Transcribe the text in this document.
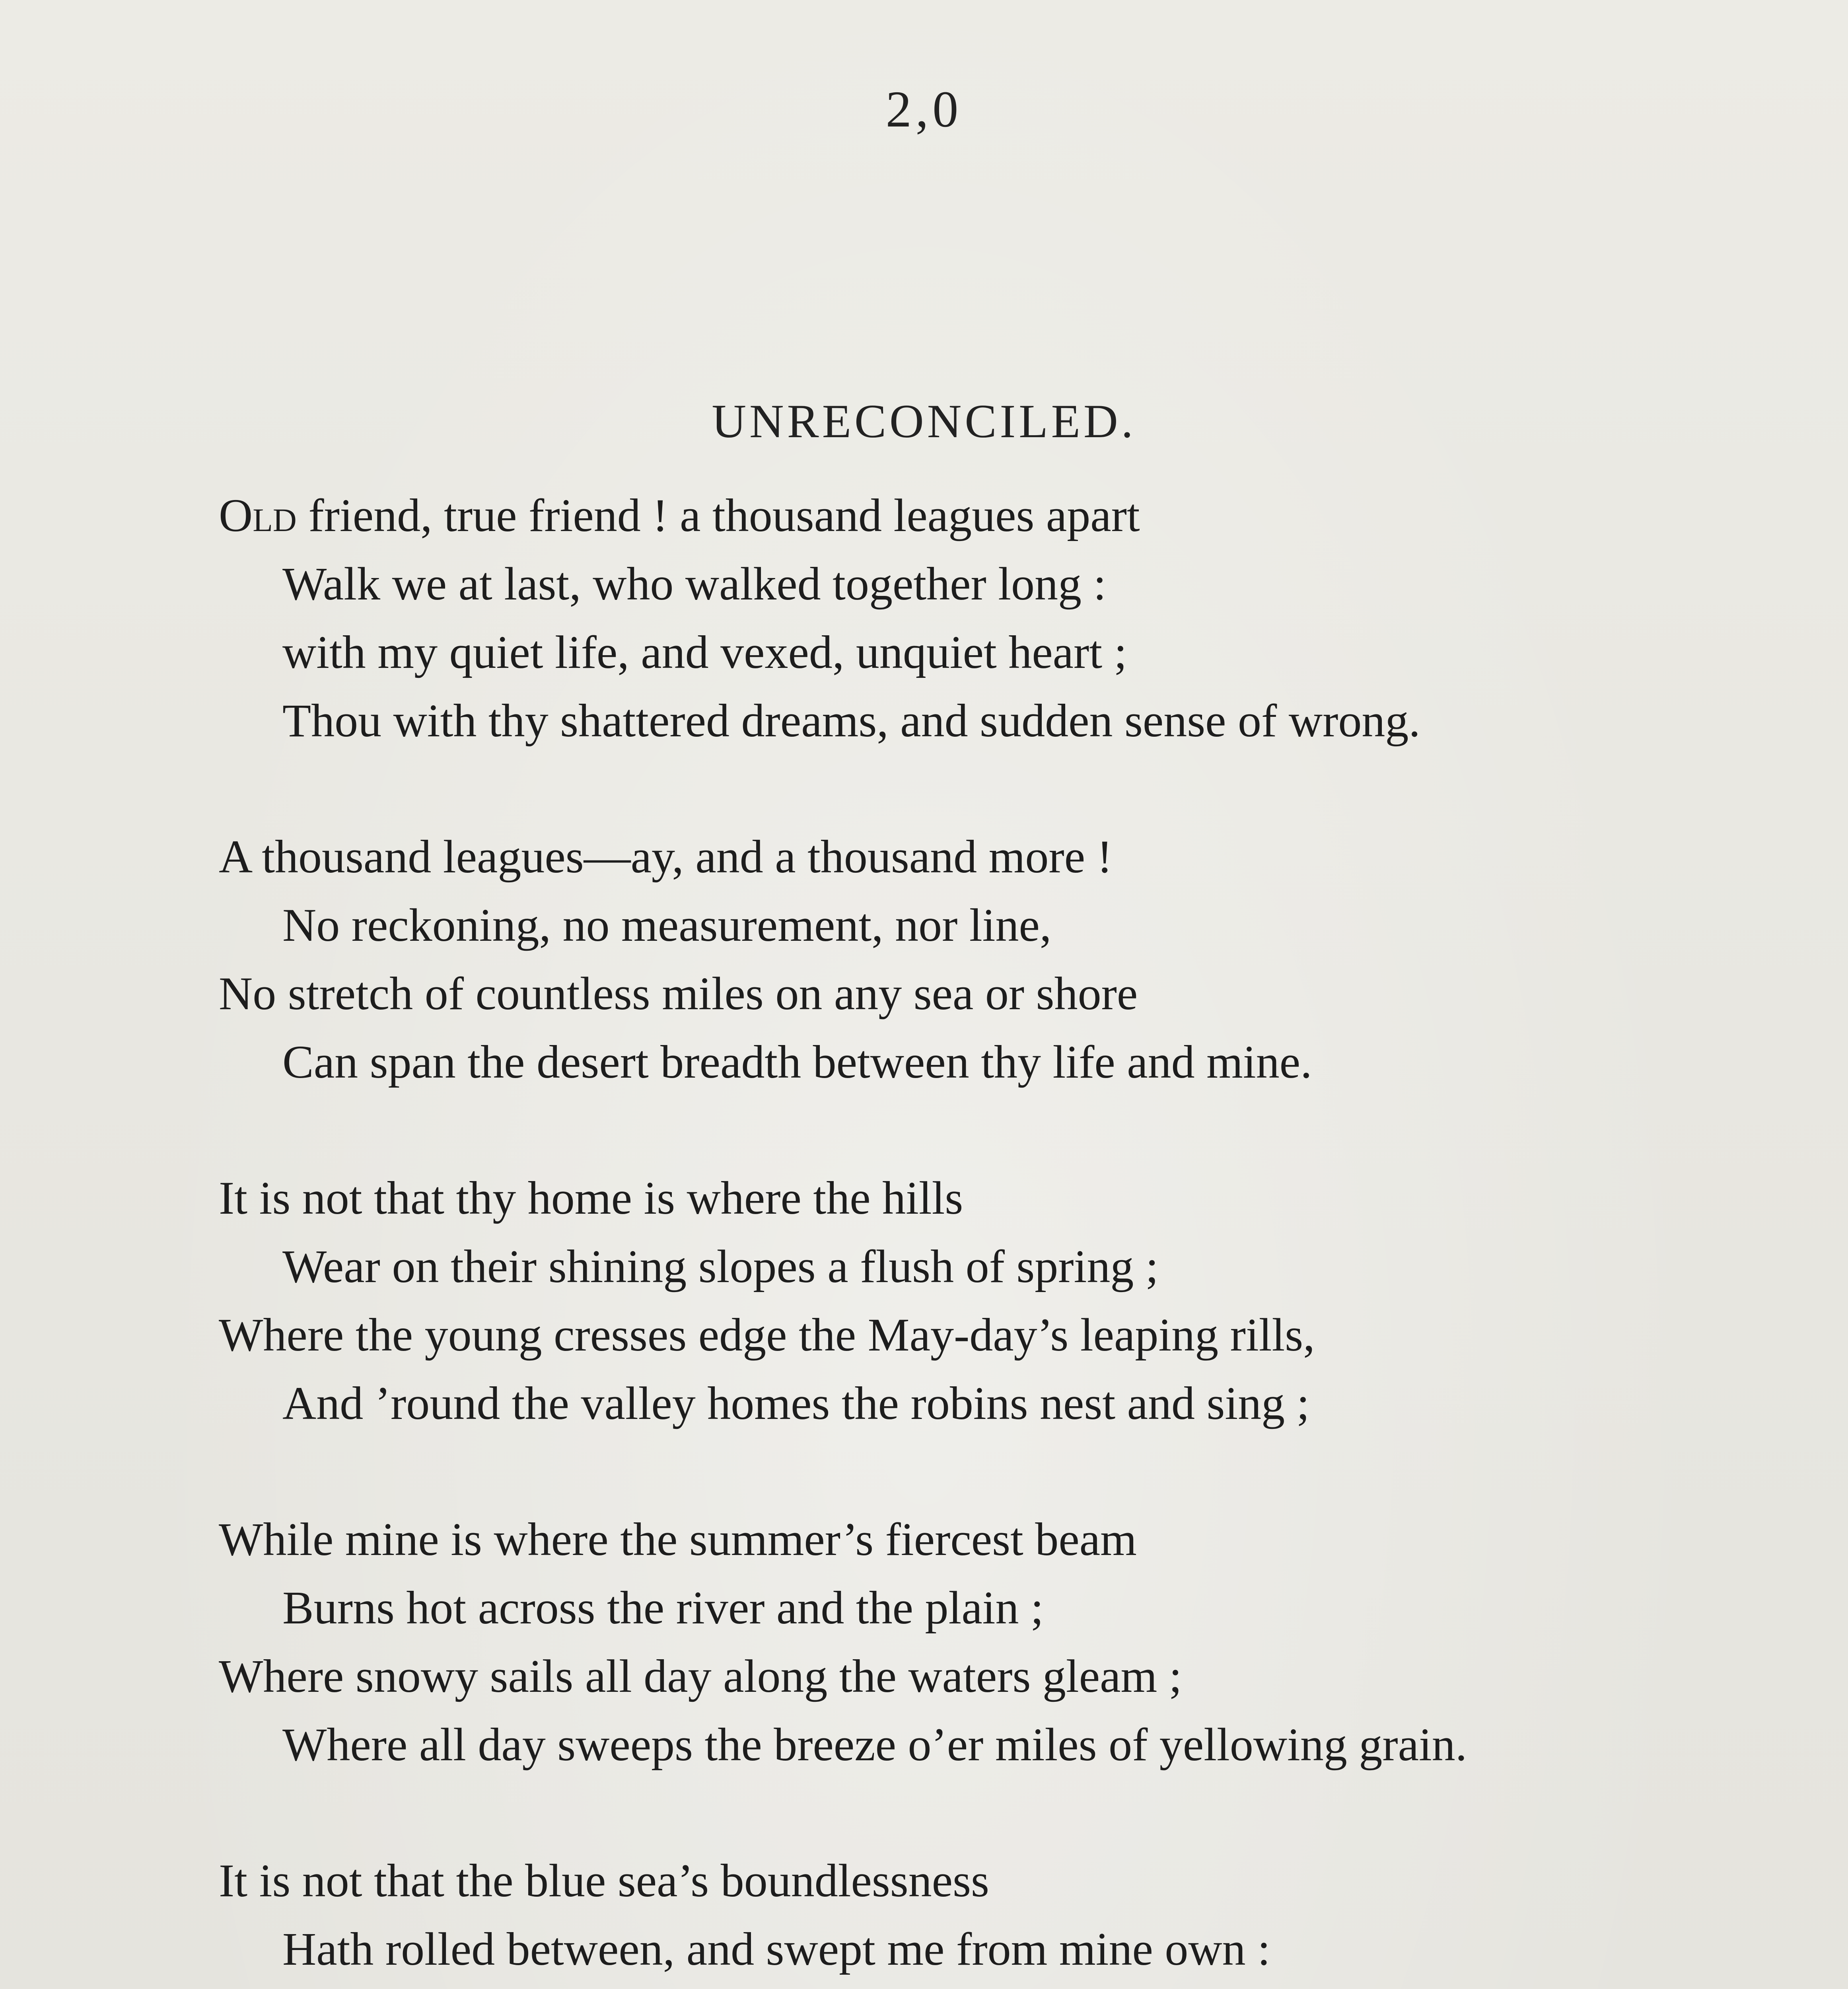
2,0
UNRECONCILED.
Old friend, true friend ! a thousand leagues apart
Walk we at last, who walked together long :
with my quiet life, and vexed, unquiet heart ;
Thou with thy shattered dreams, and sudden sense of wrong.
A thousand leagues—ay, and a thousand more !
No reckoning, no measurement, nor line,
No stretch of countless miles on any sea or shore
Can span the desert breadth between thy life and mine.
It is not that thy home is where the hills
Wear on their shining slopes a flush of spring ;
Where the young cresses edge the May-day’s leaping rills,
And ’round the valley homes the robins nest and sing ;
While mine is where the summer’s fiercest beam
Burns hot across the river and the plain ;
Where snowy sails all day along the waters gleam ;
Where all day sweeps the breeze o’er miles of yellowing grain.
It is not that the blue sea’s boundlessness
Hath rolled between, and swept me from mine own :
